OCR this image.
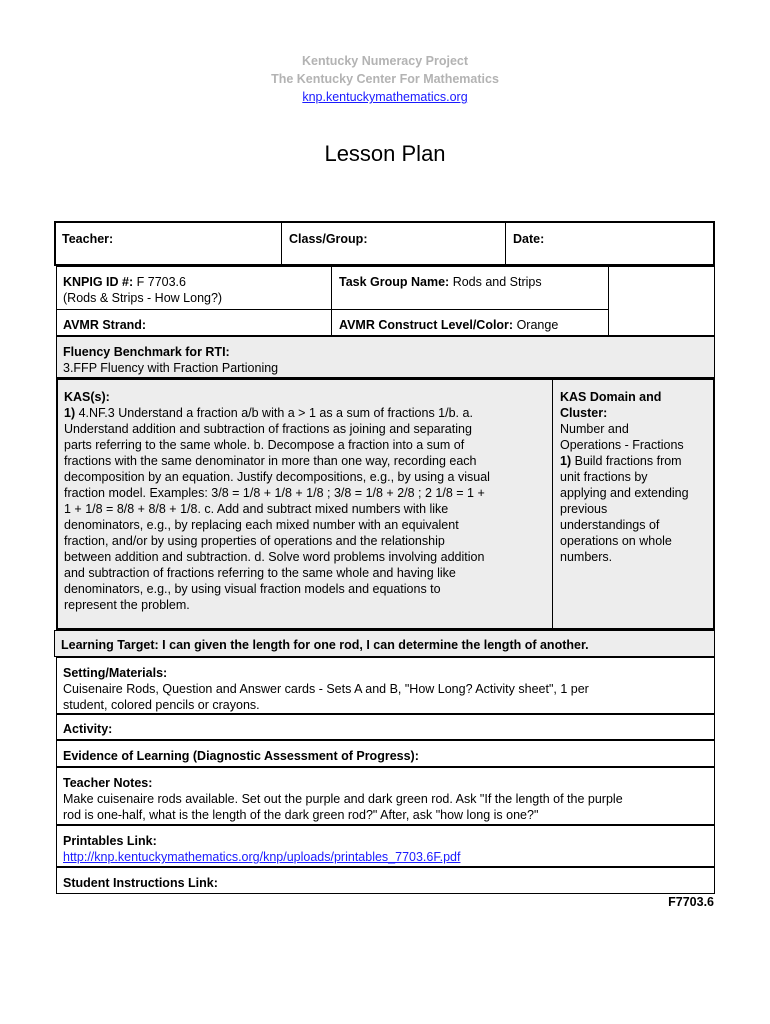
Kentucky Numeracy Project
The Kentucky Center For Mathematics
knp.kentuckymathematics.org
Lesson Plan
Teacher:	Class/Group:	Date:
KNPIG ID #: F 7703.6
(Rods & Strips - How Long?)
Task Group Name: Rods and Strips
AVMR Strand:	AVMR Construct Level/Color: Orange
Fluency Benchmark for RTI:
3.FFP Fluency with Fraction Partioning
KAS(s):
1) 4.NF.3 Understand a fraction a/b with a > 1 as a sum of fractions 1/b. a.
Understand addition and subtraction of fractions as joining and separating
parts referring to the same whole. b. Decompose a fraction into a sum of
fractions with the same denominator in more than one way, recording each
decomposition by an equation. Justify decompositions, e.g., by using a visual
fraction model. Examples: 3/8 = 1/8 + 1/8 + 1/8 ; 3/8 = 1/8 + 2/8 ; 2 1/8 = 1 +
1 + 1/8 = 8/8 + 8/8 + 1/8. c. Add and subtract mixed numbers with like
denominators, e.g., by replacing each mixed number with an equivalent
fraction, and/or by using properties of operations and the relationship
between addition and subtraction. d. Solve word problems involving addition
and subtraction of fractions referring to the same whole and having like
denominators, e.g., by using visual fraction models and equations to
represent the problem.
KAS Domain and
Cluster:
Number and
Operations - Fractions
1) Build fractions from
unit fractions by
applying and extending
previous
understandings of
operations on whole
numbers.
Learning Target: I can given the length for one rod, I can determine the length of another.
Setting/Materials:
Cuisenaire Rods, Question and Answer cards - Sets A and B, "How Long? Activity sheet", 1 per
student, colored pencils or crayons.
Activity:
Evidence of Learning (Diagnostic Assessment of Progress):
Teacher Notes:
Make cuisenaire rods available. Set out the purple and dark green rod. Ask "If the length of the purple
rod is one-half, what is the length of the dark green rod?" After, ask "how long is one?"
Printables Link:
http://knp.kentuckymathematics.org/knp/uploads/printables_7703.6F.pdf
Student Instructions Link:
F7703.6
